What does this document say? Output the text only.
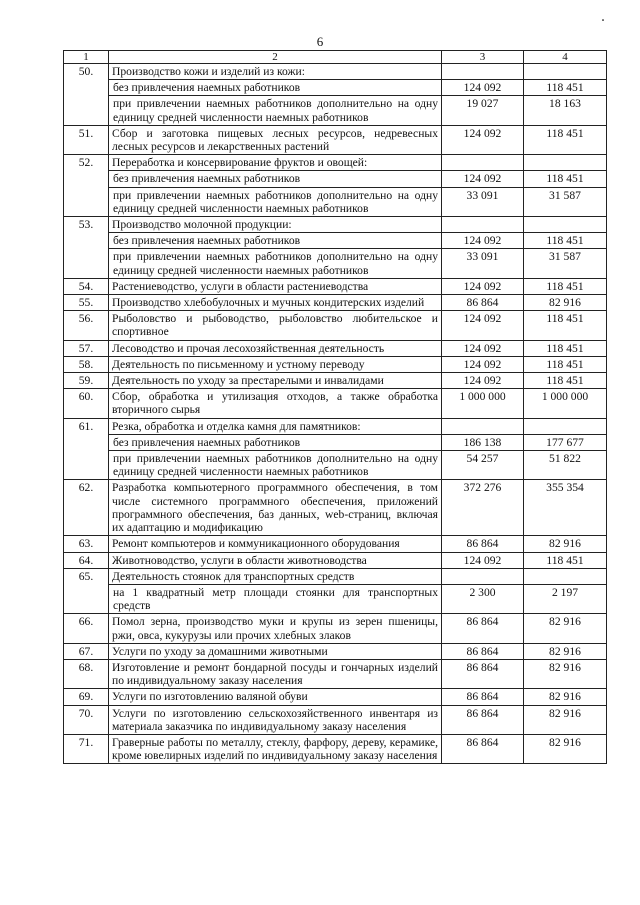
・
6
1	2	3	4
50.	Производство кожи и изделий из кожи:		
	без привлечения наемных работников	124 092	118 451
	при привлечении наемных работников дополнительно на одну единицу средней численности наемных работников	19 027	18 163
51.	Сбор и заготовка пищевых лесных ресурсов, недревесных лесных ресурсов и лекарственных растений	124 092	118 451
52.	Переработка и консервирование фруктов и овощей:		
	без привлечения наемных работников	124 092	118 451
	при привлечении наемных работников дополнительно на одну единицу средней численности наемных работников	33 091	31 587
53.	Производство молочной продукции:		
	без привлечения наемных работников	124 092	118 451
	при привлечении наемных работников дополнительно на одну единицу средней численности наемных работников	33 091	31 587
54.	Растениеводство, услуги в области растениеводства	124 092	118 451
55.	Производство хлебобулочных и мучных кондитерских изделий	86 864	82 916
56.	Рыболовство и рыбоводство, рыболовство любительское и спортивное	124 092	118 451
57.	Лесоводство и прочая лесохозяйственная деятельность	124 092	118 451
58.	Деятельность по письменному и устному переводу	124 092	118 451
59.	Деятельность по уходу за престарелыми и инвалидами	124 092	118 451
60.	Сбор, обработка и утилизация отходов, а также обработка вторичного сырья	1 000 000	1 000 000
61.	Резка, обработка и отделка камня для памятников:		
	без привлечения наемных работников	186 138	177 677
	при привлечении наемных работников дополнительно на одну единицу средней численности наемных работников	54 257	51 822
62.	Разработка компьютерного программного обеспечения, в том числе системного программного обеспечения, приложений программного обеспечения, баз данных, web-страниц, включая их адаптацию и модификацию	372 276	355 354
63.	Ремонт компьютеров и коммуникационного оборудования	86 864	82 916
64.	Животноводство, услуги в области животноводства	124 092	118 451
65.	Деятельность стоянок для транспортных средств		
	на 1 квадратный метр площади стоянки для транспортных средств	2 300	2 197
66.	Помол зерна, производство муки и крупы из зерен пшеницы, ржи, овса, кукурузы или прочих хлебных злаков	86 864	82 916
67.	Услуги по уходу за домашними животными	86 864	82 916
68.	Изготовление и ремонт бондарной посуды и гончарных изделий по индивидуальному заказу населения	86 864	82 916
69.	Услуги по изготовлению валяной обуви	86 864	82 916
70.	Услуги по изготовлению сельскохозяйственного инвентаря из материала заказчика по индивидуальному заказу населения	86 864	82 916
71.	Граверные работы по металлу, стеклу, фарфору, дереву, керамике, кроме ювелирных изделий по индивидуальному заказу населения	86 864	82 916
